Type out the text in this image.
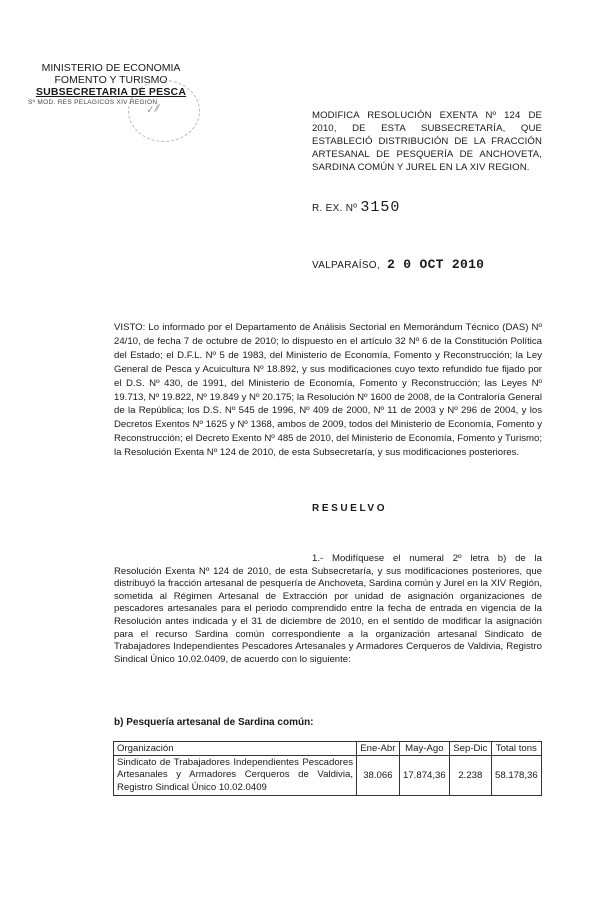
MINISTERIO DE ECONOMIA
FOMENTO Y TURISMO
SUBSECRETARIA DE PESCA
Sº MOD. RES PELAGICOS XIV REGION
✓ ⁄⁄
MODIFICA RESOLUCIÓN EXENTA Nº 124 DE 2010, DE ESTA SUBSECRETARÍA, QUE ESTABLECIÓ DISTRIBUCIÓN DE LA FRACCIÓN ARTESANAL DE PESQUERÍA DE ANCHOVETA, SARDINA COMÚN Y JUREL EN LA XIV REGION.
R. EX. Nº 3150
VALPARAÍSO, 2 0 OCT 2010
VISTO: Lo informado por el Departamento de Análisis Sectorial en Memorándum Técnico (DAS) Nº 24/10, de fecha 7 de octubre de 2010; lo dispuesto en el artículo 32 Nº 6 de la Constitución Política del Estado; el D.F.L. Nº 5 de 1983, del Ministerio de Economía, Fomento y Reconstrucción; la Ley General de Pesca y Acuicultura Nº 18.892, y sus modificaciones cuyo texto refundido fue fijado por el D.S. Nº 430, de 1991, del Ministerio de Economía, Fomento y Reconstrucción; las Leyes Nº 19.713, Nº 19.822, Nº 19.849 y Nº 20.175; la Resolución Nº 1600 de 2008, de la Contraloría General de la República; los D.S. Nº 545 de 1996, Nº 409 de 2000, Nº 11 de 2003 y Nº 296 de 2004, y los Decretos Exentos Nº 1625 y Nº 1368, ambos de 2009, todos del Ministerio de Economía, Fomento y Reconstrucción; el Decreto Exento Nº 485 de 2010, del Ministerio de Economía, Fomento y Turismo; la Resolución Exenta Nº 124 de 2010, de esta Subsecretaría, y sus modificaciones posteriores.
RESUELVO
1.- Modifíquese el numeral 2º letra b) de la Resolución Exenta Nº 124 de 2010, de esta Subsecretaría, y sus modificaciones posteriores, que distribuyó la fracción artesanal de pesquería de Anchoveta, Sardina común y Jurel en la XIV Región, sometida al Régimen Artesanal de Extracción por unidad de asignación organizaciones de pescadores artesanales para el periodo comprendido entre la fecha de entrada en vigencia de la Resolución antes indicada y el 31 de diciembre de 2010, en el sentido de modificar la asignación para el recurso Sardina común correspondiente a la organización artesanal Sindicato de Trabajadores Independientes Pescadores Artesanales y Armadores Cerqueros de Valdivia, Registro Sindical Único 10.02.0409, de acuerdo con lo siguiente:
b) Pesquería artesanal de Sardina común:
Organización	Ene-Abr	May-Ago	Sep-Dic	Total tons
Sindicato de Trabajadores Independientes Pescadores Artesanales y Armadores Cerqueros de Valdivia, Registro Sindical Único 10.02.0409	38.066	17.874,36	2.238	58.178,36
